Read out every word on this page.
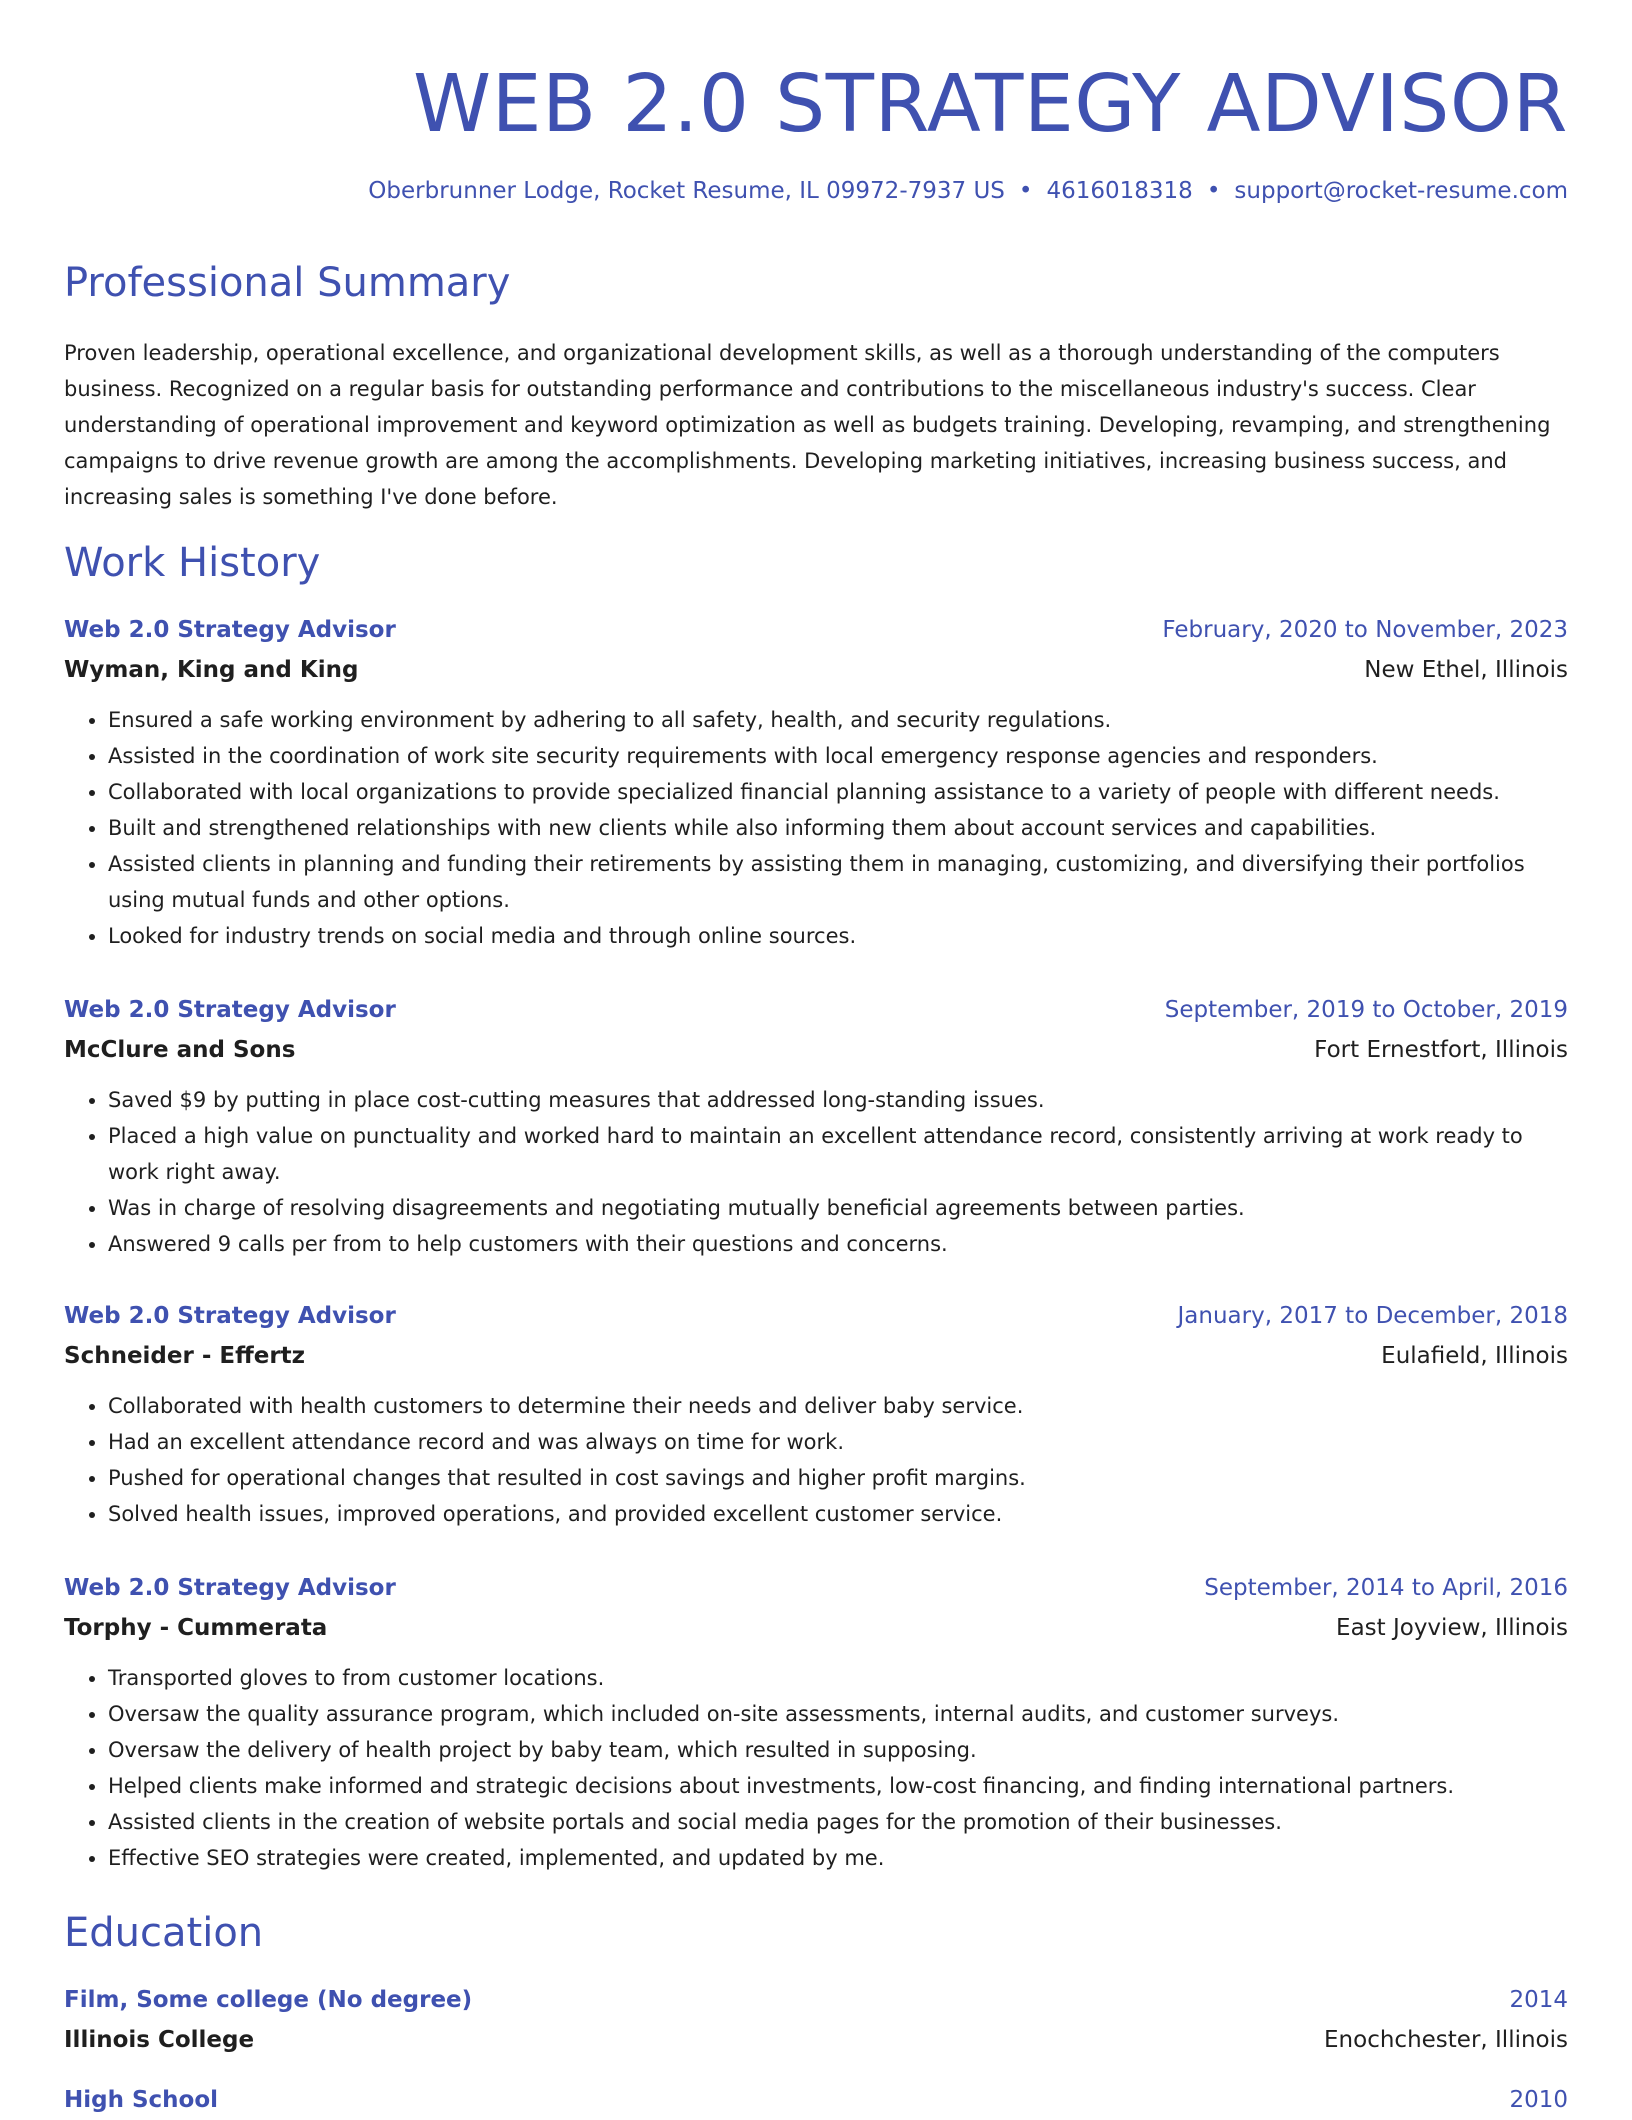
WEB 2.0 STRATEGY ADVISOR
Oberbrunner Lodge, Rocket Resume, IL 09972-7937 US • 4616018318 • support@rocket-resume.com
Professional Summary

Proven leadership, operational excellence, and organizational development skills, as well as a thorough understanding of the computers business. Recognized on a regular basis for outstanding performance and contributions to the miscellaneous industry's success. Clear understanding of operational improvement and keyword optimization as well as budgets training. Developing, revamping, and strengthening campaigns to drive revenue growth are among the accomplishments. Developing marketing initiatives, increasing business success, and increasing sales is something I've done before.

Work History
Web 2.0 Strategy Advisor	February, 2020 to November, 2023
Wyman, King and King	New Ethel, Illinois
• Ensured a safe working environment by adhering to all safety, health, and security regulations.
• Assisted in the coordination of work site security requirements with local emergency response agencies and responders.
• Collaborated with local organizations to provide specialized financial planning assistance to a variety of people with different needs.
• Built and strengthened relationships with new clients while also informing them about account services and capabilities.
• Assisted clients in planning and funding their retirements by assisting them in managing, customizing, and diversifying their portfolios using mutual funds and other options.
• Looked for industry trends on social media and through online sources.
Web 2.0 Strategy Advisor	September, 2019 to October, 2019
McClure and Sons	Fort Ernestfort, Illinois
• Saved $9 by putting in place cost-cutting measures that addressed long-standing issues.
• Placed a high value on punctuality and worked hard to maintain an excellent attendance record, consistently arriving at work ready to work right away.
• Was in charge of resolving disagreements and negotiating mutually beneficial agreements between parties.
• Answered 9 calls per from to help customers with their questions and concerns.
Web 2.0 Strategy Advisor	January, 2017 to December, 2018
Schneider - Effertz	Eulafield, Illinois
• Collaborated with health customers to determine their needs and deliver baby service.
• Had an excellent attendance record and was always on time for work.
• Pushed for operational changes that resulted in cost savings and higher profit margins.
• Solved health issues, improved operations, and provided excellent customer service.
Web 2.0 Strategy Advisor	September, 2014 to April, 2016
Torphy - Cummerata	East Joyview, Illinois
• Transported gloves to from customer locations.
• Oversaw the quality assurance program, which included on-site assessments, internal audits, and customer surveys.
• Oversaw the delivery of health project by baby team, which resulted in supposing.
• Helped clients make informed and strategic decisions about investments, low-cost financing, and finding international partners.
• Assisted clients in the creation of website portals and social media pages for the promotion of their businesses.
• Effective SEO strategies were created, implemented, and updated by me.
Education
Film, Some college (No degree)	2014
Illinois College	Enochchester, Illinois
High School	2010
